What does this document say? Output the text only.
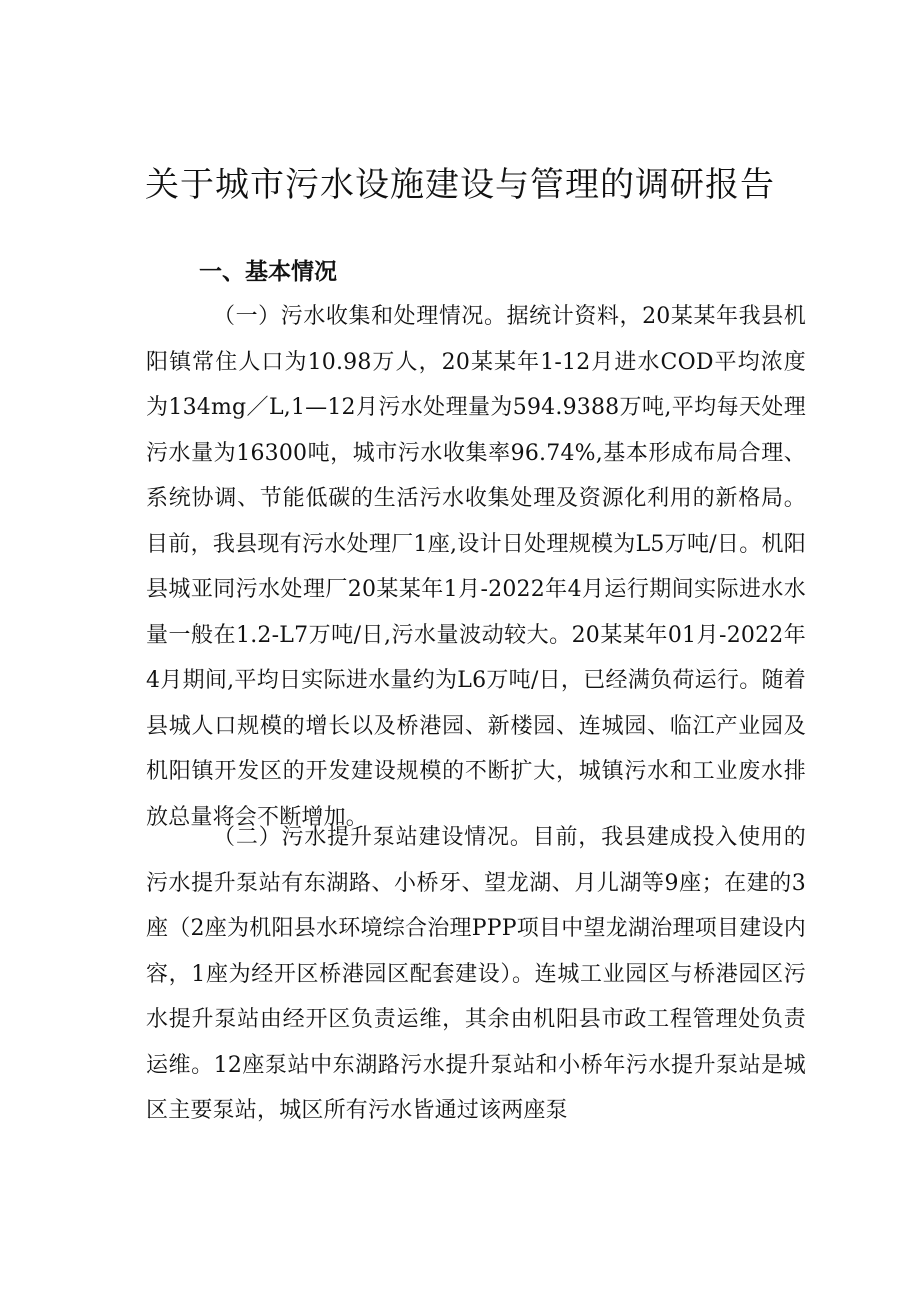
关于城市污水设施建设与管理的调研报告
一、基本情况

（一）污水收集和处理情况。据统计资料，20某某年我县机阳镇常住人口为10.98万人，20某某年1-12月进水COD平均浓度为134mg／L,1—12月污水处理量为594.9388万吨,平均每天处理污水量为16300吨，城市污水收集率96.74%,基本形成布局合理、系统协调、节能低碳的生活污水收集处理及资源化利用的新格局。目前，我县现有污水处理厂1座,设计日处理规模为L5万吨/日。机阳县城亚同污水处理厂20某某年1月-2022年4月运行期间实际进水水量一般在1.2-L7万吨/日,污水量波动较大。20某某年01月-2022年4月期间,平均日实际进水量约为L6万吨/日，已经满负荷运行。随着县城人口规模的增长以及桥港园、新楼园、连城园、临江产业园及机阳镇开发区的开发建设规模的不断扩大，城镇污水和工业废水排放总量将会不断增加。

（二）污水提升泵站建设情况。目前，我县建成投入使用的污水提升泵站有东湖路、小桥牙、望龙湖、月儿湖等9座；在建的3座（2座为机阳县水环境综合治理PPP项目中望龙湖治理项目建设内容，1座为经开区桥港园区配套建设）。连城工业园区与桥港园区污水提升泵站由经开区负责运维，其余由机阳县市政工程管理处负责运维。12座泵站中东湖路污水提升泵站和小桥年污水提升泵站是城区主要泵站，城区所有污水皆通过该两座泵
